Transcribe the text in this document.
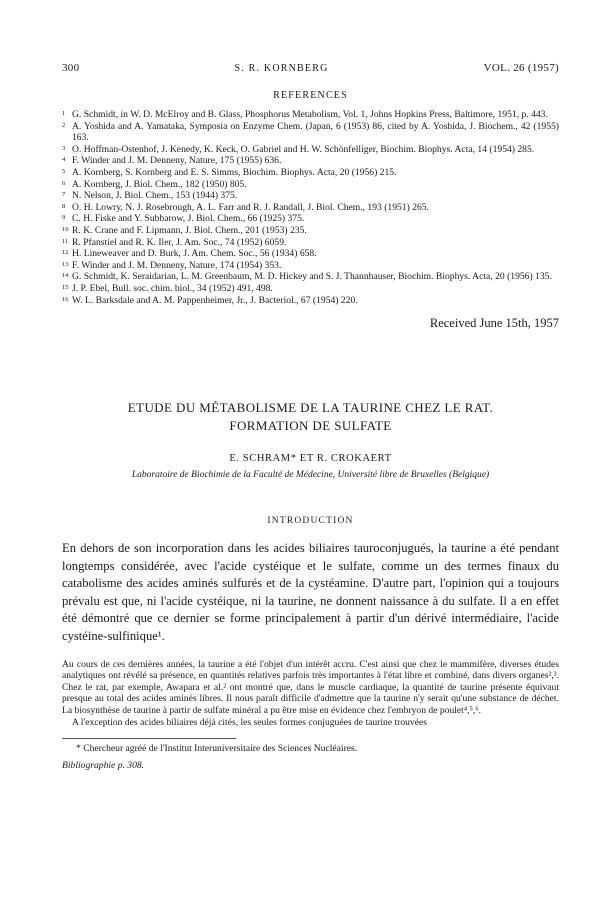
300	S. R. KORNBERG	VOL. 26 (1957)
REFERENCES
1 G. Schmidt, in W. D. McElroy and B. Glass, Phosphorus Metabolism, Vol. 1, Johns Hopkins Press, Baltimore, 1951, p. 443.
2 A. Yoshida and A. Yamataka, Symposia on Enzyme Chem. (Japan, 6 (1953) 86, cited by A. Yoshida, J. Biochem., 42 (1955) 163.
3 O. Hoffman-Ostenhof, J. Kenedy, K. Keck, O. Gabriel and H. W. Schönfelliger, Biochim. Biophys. Acta, 14 (1954) 285.
4 F. Winder and J. M. Denneny, Nature, 175 (1955) 636.
5 A. Kornberg, S. Kornberg and E. S. Simms, Biochim. Biophys. Acta, 20 (1956) 215.
6 A. Kornberg, J. Biol. Chem., 182 (1950) 805.
7 N. Nelson, J. Biol. Chem., 153 (1944) 375.
8 O. H. Lowry, N. J. Rosebrough, A. L. Farr and R. J. Randall, J. Biol. Chem., 193 (1951) 265.
9 C. H. Fiske and Y. Subbarow, J. Biol. Chem., 66 (1925) 375.
10 R. K. Crane and F. Lipmann, J. Biol. Chem., 201 (1953) 235.
11 R. Pfanstiel and R. K. Iler, J. Am. Soc., 74 (1952) 6059.
12 H. Lineweaver and D. Burk, J. Am. Chem. Soc., 56 (1934) 658.
13 F. Winder and J. M. Denneny, Nature, 174 (1954) 353.
14 G. Schmidt, K. Seraidarian, L. M. Greenbaum, M. D. Hickey and S. J. Thannhauser, Biochim. Biophys. Acta, 20 (1956) 135.
15 J. P. Ebel, Bull. soc. chim. biol., 34 (1952) 491, 498.
16 W. L. Barksdale and A. M. Pappenheimer, Jr., J. Bacteriol., 67 (1954) 220.
Received June 15th, 1957
ETUDE DU MÉTABOLISME DE LA TAURINE CHEZ LE RAT.
FORMATION DE SULFATE
E. SCHRAM* ET R. CROKAERT
Laboratoire de Biochimie de la Faculté de Médecine, Université libre de Bruxelles (Belgique)
INTRODUCTION

En dehors de son incorporation dans les acides biliaires tauroconjugués, la taurine a été pendant longtemps considérée, avec l'acide cystéique et le sulfate, comme un des termes finaux du catabolisme des acides aminés sulfurés et de la cystéamine. D'autre part, l'opinion qui a toujours prévalu est que, ni l'acide cystéique, ni la taurine, ne donnent naissance à du sulfate. Il a en effet été démontré que ce dernier se forme principalement à partir d'un dérivé intermédiaire, l'acide cystéine-sulfinique¹.

Au cours de ces dernières années, la taurine a été l'objet d'un intérêt accru. C'est ainsi que chez le mammifère, diverses études analytiques ont révélé sa présence, en quantités relatives parfois très importantes à l'état libre et combiné, dans divers organes²,³. Chez le rat, par exemple, Awapara et al.² ont montré que, dans le muscle cardiaque, la quantité de taurine présente équivaut presque au total des acides aminés libres. Il nous paraît difficile d'admettre que la taurine n'y serait qu'une substance de déchet. La biosynthèse de taurine à partir de sulfate minéral a pu être mise en évidence chez l'embryon de poulet⁴,⁵,⁶.

A l'exception des acides biliaires déjà cités, les seules formes conjuguées de taurine trouvées

* Chercheur agréé de l'Institut Interuniversitaire des Sciences Nucléaires.
Bibliographie p. 308.
